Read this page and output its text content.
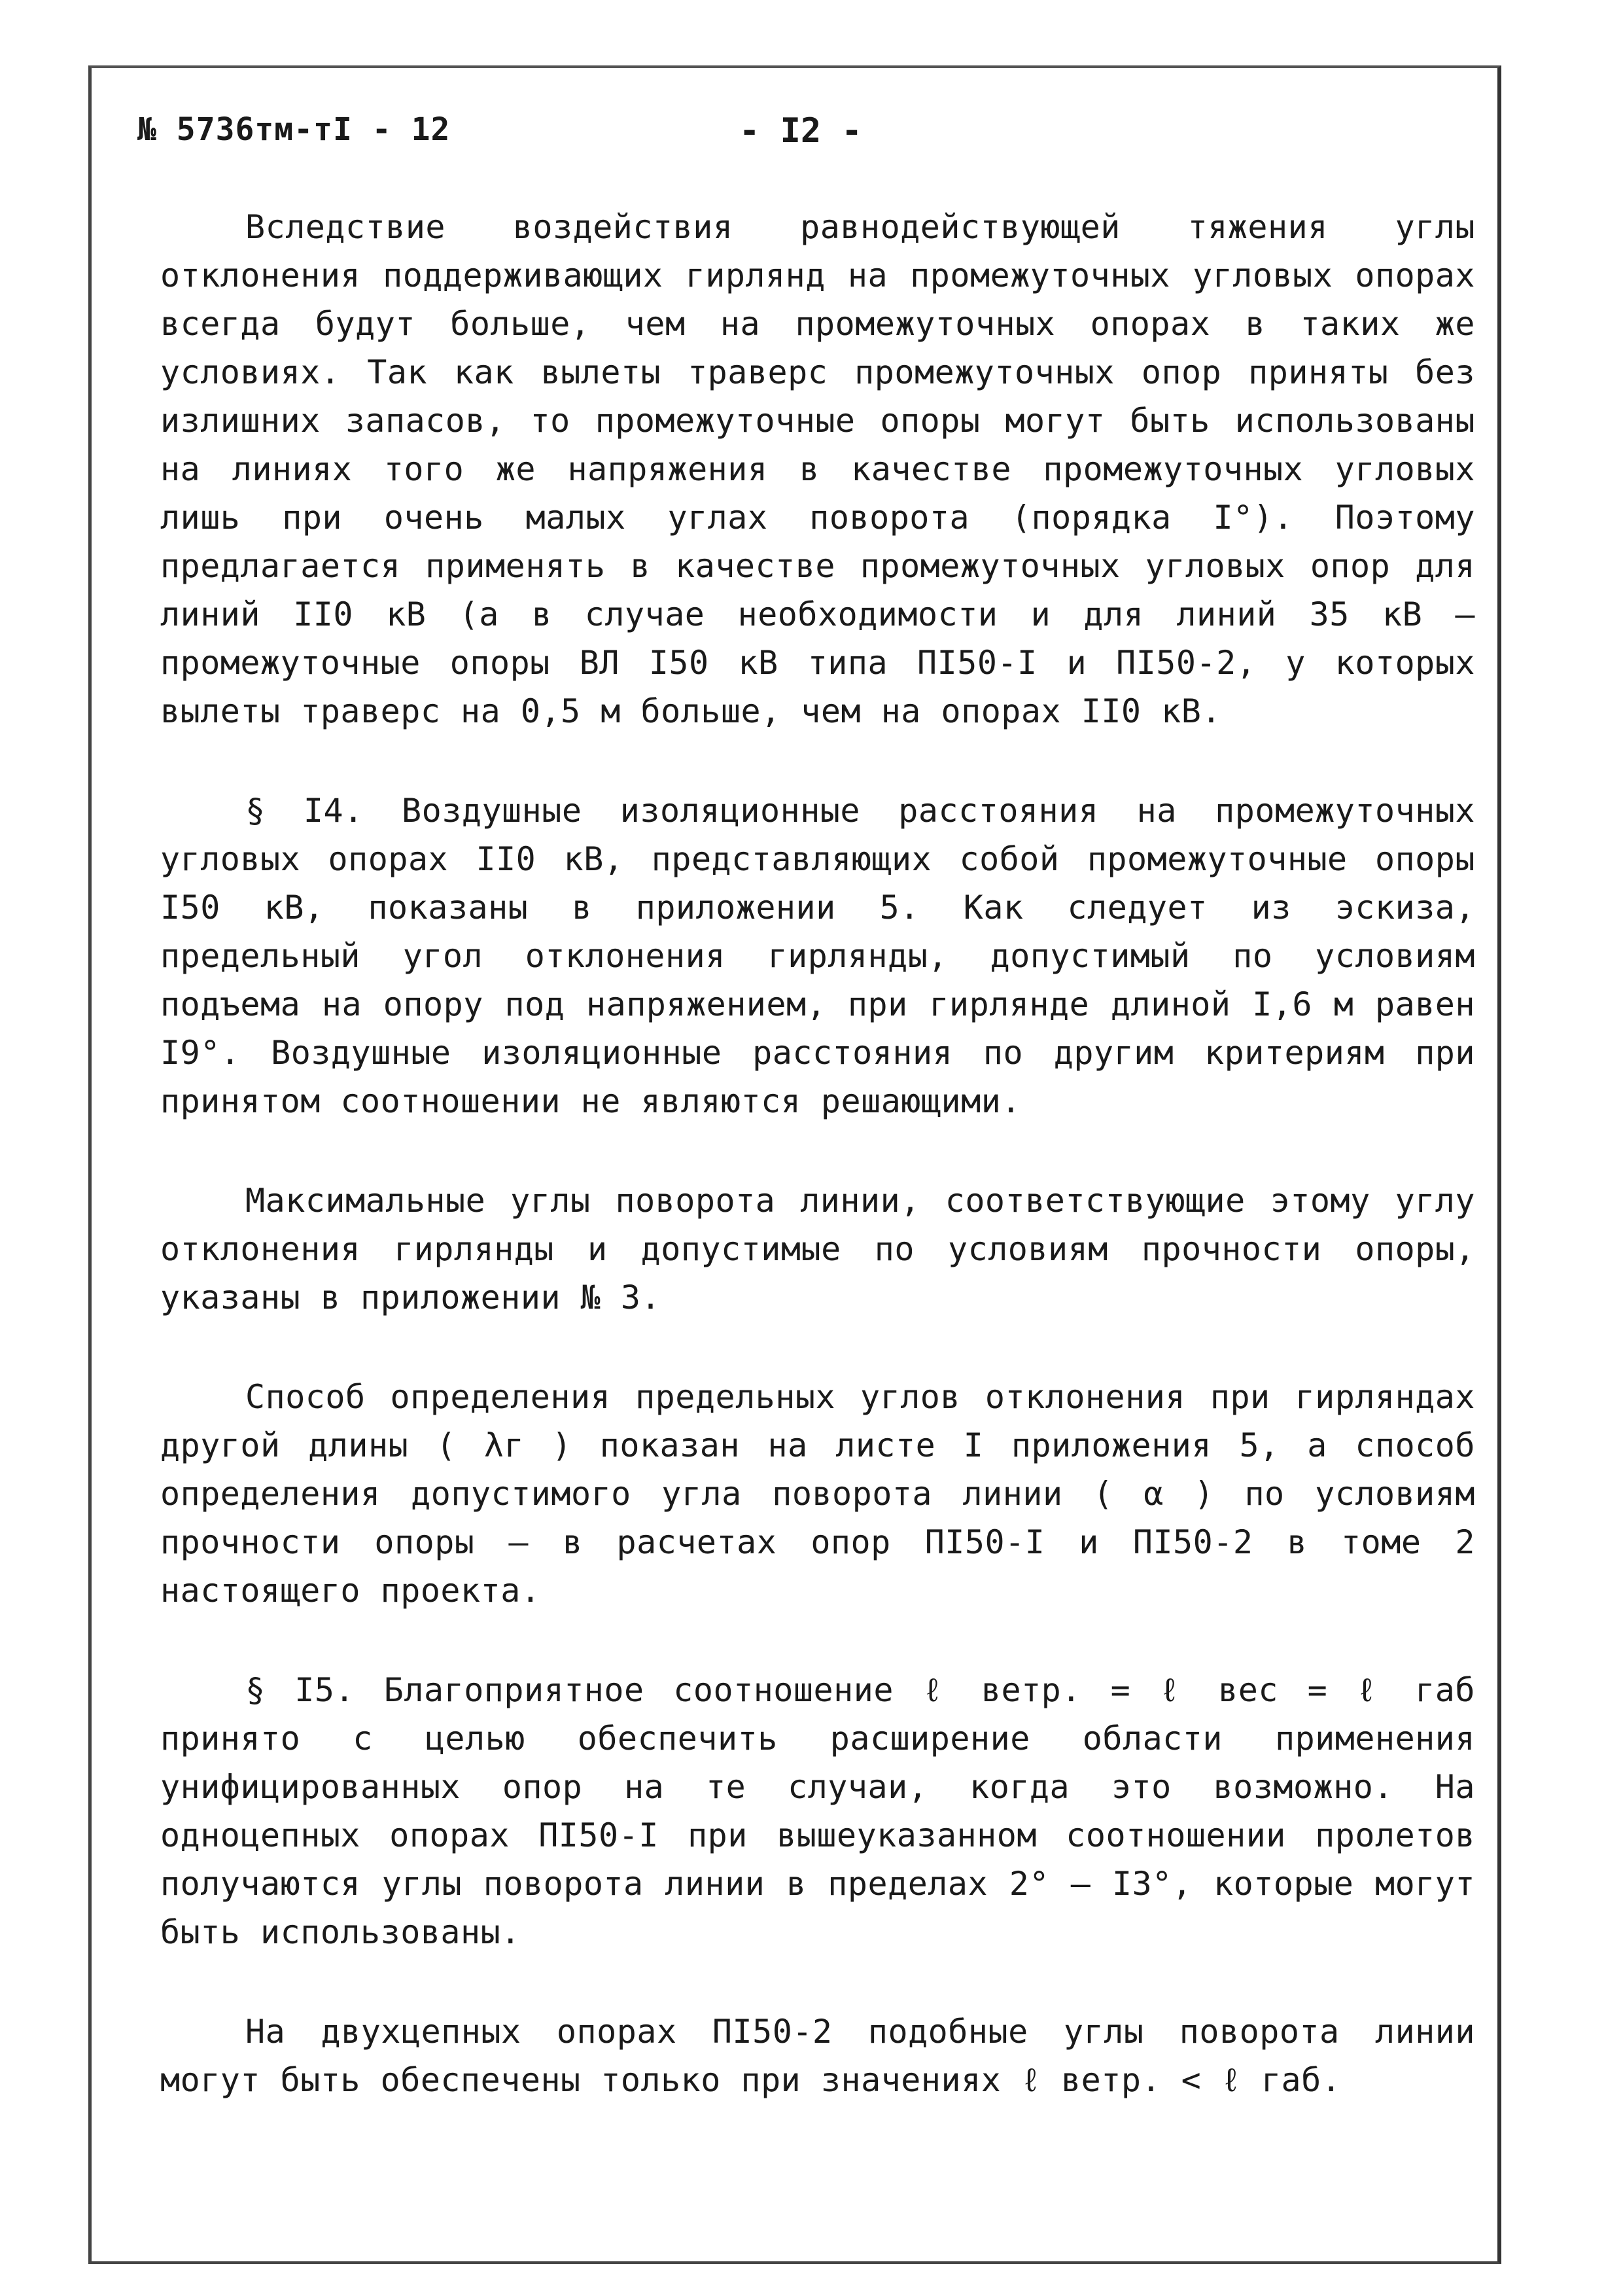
№ 5736тм-тI - 12	- I2 -

Вследствие воздействия равнодействующей тяжения углы отклонения поддерживающих гирлянд на промежуточных угловых опорах всегда будут больше, чем на промежуточных опорах в таких же условиях. Так как вылеты траверс промежуточных опор приняты без излишних запасов, то промежуточные опоры могут быть использованы на линиях того же напряжения в качестве промежуточных угловых лишь при очень малых углах поворота (порядка I°). Поэтому предлагается применять в качестве промежуточных угловых опор для линий II0 кВ (а в случае необходимости и для линий 35 кВ – промежуточные опоры ВЛ I50 кВ типа ПI50-I и ПI50-2, у которых вылеты траверс на 0,5 м больше, чем на опорах II0 кВ.

§ I4. Воздушные изоляционные расстояния на промежуточных угловых опорах II0 кВ, представляющих собой промежуточные опоры I50 кВ, показаны в приложении 5. Как следует из эскиза, предельный угол отклонения гирлянды, допустимый по условиям подъема на опору под напряжением, при гирлянде длиной I,6 м равен I9°. Воздушные изоляционные расстояния по другим критериям при принятом соотношении не являются решающими.

Максимальные углы поворота линии, соответствующие этому углу отклонения гирлянды и допустимые по условиям прочности опоры, указаны в приложении № 3.

Способ определения предельных углов отклонения при гирляндах другой длины ( λг ) показан на листе I приложения 5, а способ определения допустимого угла поворота линии ( α ) по условиям прочности опоры – в расчетах опор ПI50-I и ПI50-2 в томе 2 настоящего проекта.

§ I5. Благоприятное соотношение ℓ ветр. = ℓ вес = ℓ габ принято с целью обеспечить расширение области применения унифицированных опор на те случаи, когда это возможно. На одноцепных опорах ПI50-I при вышеуказанном соотношении пролетов получаются углы поворота линии в пределах 2° – I3°, которые могут быть использованы.

На двухцепных опорах ПI50-2 подобные углы поворота линии могут быть обеспечены только при значениях ℓ ветр. < ℓ габ.
